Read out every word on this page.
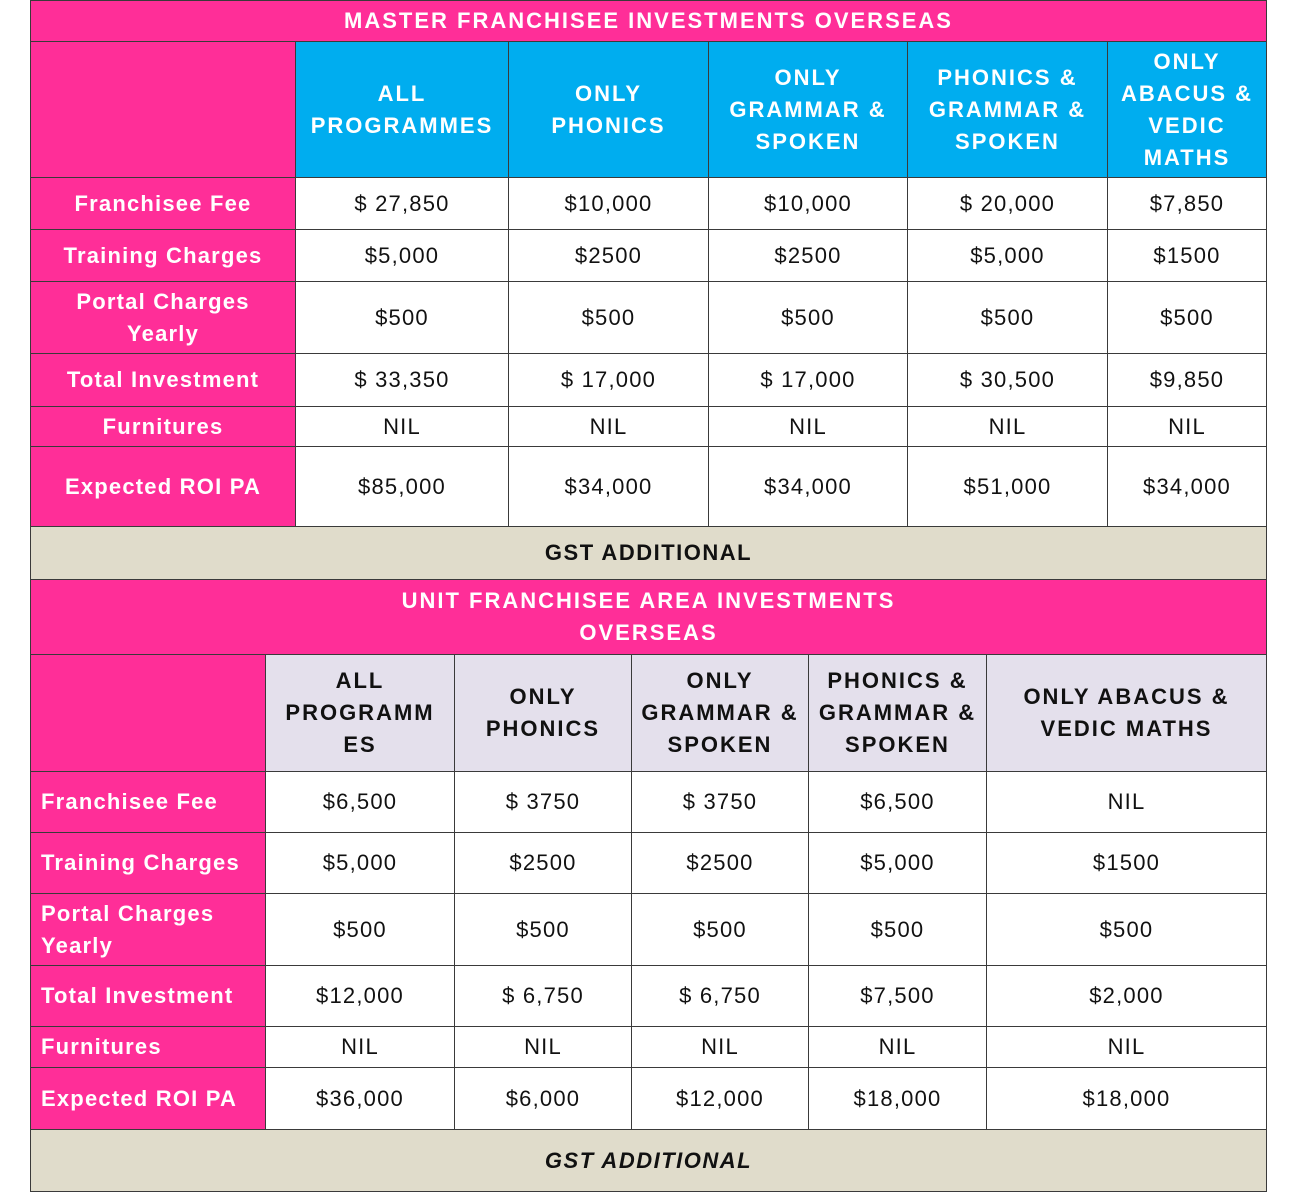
MASTER FRANCHISEE INVESTMENTS OVERSEAS					
	ALL PROGRAMMES	ONLY PHONICS	ONLY GRAMMAR & SPOKEN	PHONICS & GRAMMAR & SPOKEN	ONLY ABACUS & VEDIC MATHS
Franchisee Fee	$ 27,850	$10,000	$10,000	$ 20,000	$7,850
Training Charges	$5,000	$2500	$2500	$5,000	$1500
Portal Charges Yearly	$500	$500	$500	$500	$500
Total Investment	$ 33,350	$ 17,000	$ 17,000	$ 30,500	$9,850
Furnitures	NIL	NIL	NIL	NIL	NIL
Expected ROI PA	$85,000	$34,000	$34,000	$51,000	$34,000
GST ADDITIONAL					
UNIT FRANCHISEE AREA INVESTMENTS OVERSEAS					
	ALL PROGRAMM ES	ONLY PHONICS	ONLY GRAMMAR & SPOKEN	PHONICS & GRAMMAR & SPOKEN	ONLY ABACUS & VEDIC MATHS
Franchisee Fee	$6,500	$ 3750	$ 3750	$6,500	NIL
Training Charges	$5,000	$2500	$2500	$5,000	$1500
Portal Charges Yearly	$500	$500	$500	$500	$500
Total Investment	$12,000	$ 6,750	$ 6,750	$7,500	$2,000
Furnitures	NIL	NIL	NIL	NIL	NIL
Expected ROI PA	$36,000	$6,000	$12,000	$18,000	$18,000
GST ADDITIONAL					
